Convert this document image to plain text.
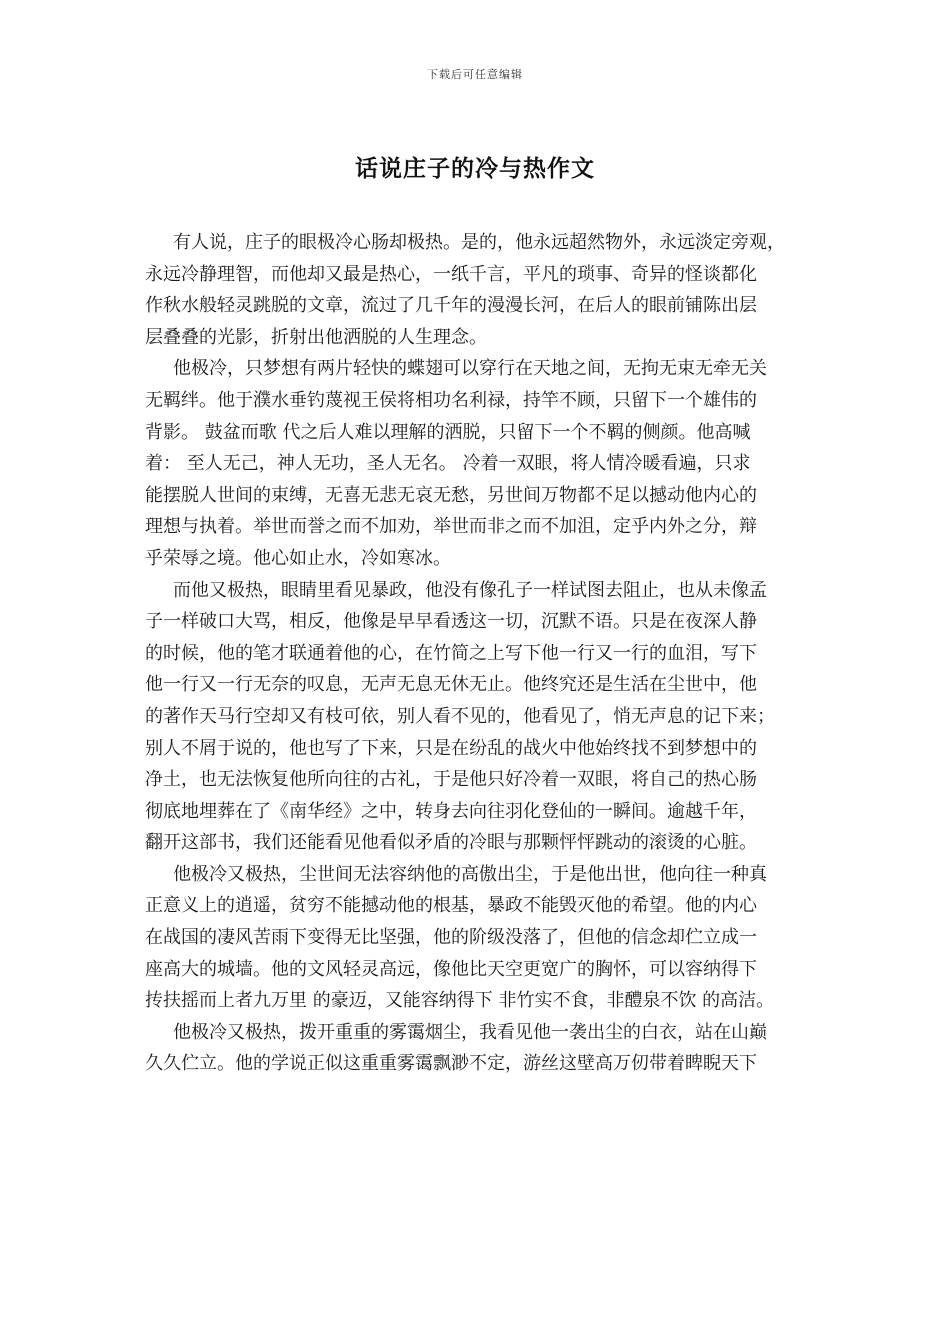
下载后可任意编辑
话说庄子的冷与热作文
有人说，庄子的眼极冷心肠却极热。是的，他永远超然物外，永远淡定旁观，
永远冷静理智，而他却又最是热心，一纸千言，平凡的琐事、奇异的怪谈都化
作秋水般轻灵跳脱的文章，流过了几千年的漫漫长河，在后人的眼前铺陈出层
层叠叠的光影，折射出他洒脱的人生理念。
他极冷，只梦想有两片轻快的蝶翅可以穿行在天地之间，无拘无束无牵无关
无羁绊。他于濮水垂钓蔑视王侯将相功名利禄，持竿不顾，只留下一个雄伟的
背影。 鼓盆而歌 代之后人难以理解的洒脱，只留下一个不羁的侧颜。他高喊
着： 至人无己，神人无功，圣人无名。 冷着一双眼，将人情冷暖看遍，只求
能摆脱人世间的束缚，无喜无悲无哀无愁，另世间万物都不足以撼动他内心的
理想与执着。举世而誉之而不加劝，举世而非之而不加沮，定乎内外之分，辩
乎荣辱之境。他心如止水，冷如寒冰。
而他又极热，眼睛里看见暴政，他没有像孔子一样试图去阻止，也从未像孟
子一样破口大骂，相反，他像是早早看透这一切，沉默不语。只是在夜深人静
的时候，他的笔才联通着他的心，在竹简之上写下他一行又一行的血泪，写下
他一行又一行无奈的叹息，无声无息无休无止。他终究还是生活在尘世中，他
的著作天马行空却又有枝可依，别人看不见的，他看见了，悄无声息的记下来；
别人不屑于说的，他也写了下来，只是在纷乱的战火中他始终找不到梦想中的
净土，也无法恢复他所向往的古礼，于是他只好冷着一双眼，将自己的热心肠
彻底地埋葬在了《南华经》之中，转身去向往羽化登仙的一瞬间。逾越千年，
翻开这部书，我们还能看见他看似矛盾的冷眼与那颗怦怦跳动的滚烫的心脏。
他极冷又极热，尘世间无法容纳他的高傲出尘，于是他出世，他向往一种真
正意义上的逍遥，贫穷不能撼动他的根基，暴政不能毁灭他的希望。他的内心
在战国的凄风苦雨下变得无比坚强，他的阶级没落了，但他的信念却伫立成一
座高大的城墙。他的文风轻灵高远，像他比天空更宽广的胸怀，可以容纳得下
抟扶摇而上者九万里 的豪迈，又能容纳得下 非竹实不食，非醴泉不饮 的高洁。
他极冷又极热，拨开重重的雾霭烟尘，我看见他一袭出尘的白衣，站在山巅
久久伫立。他的学说正似这重重雾霭飘渺不定，游丝这壁高万仞带着睥睨天下
